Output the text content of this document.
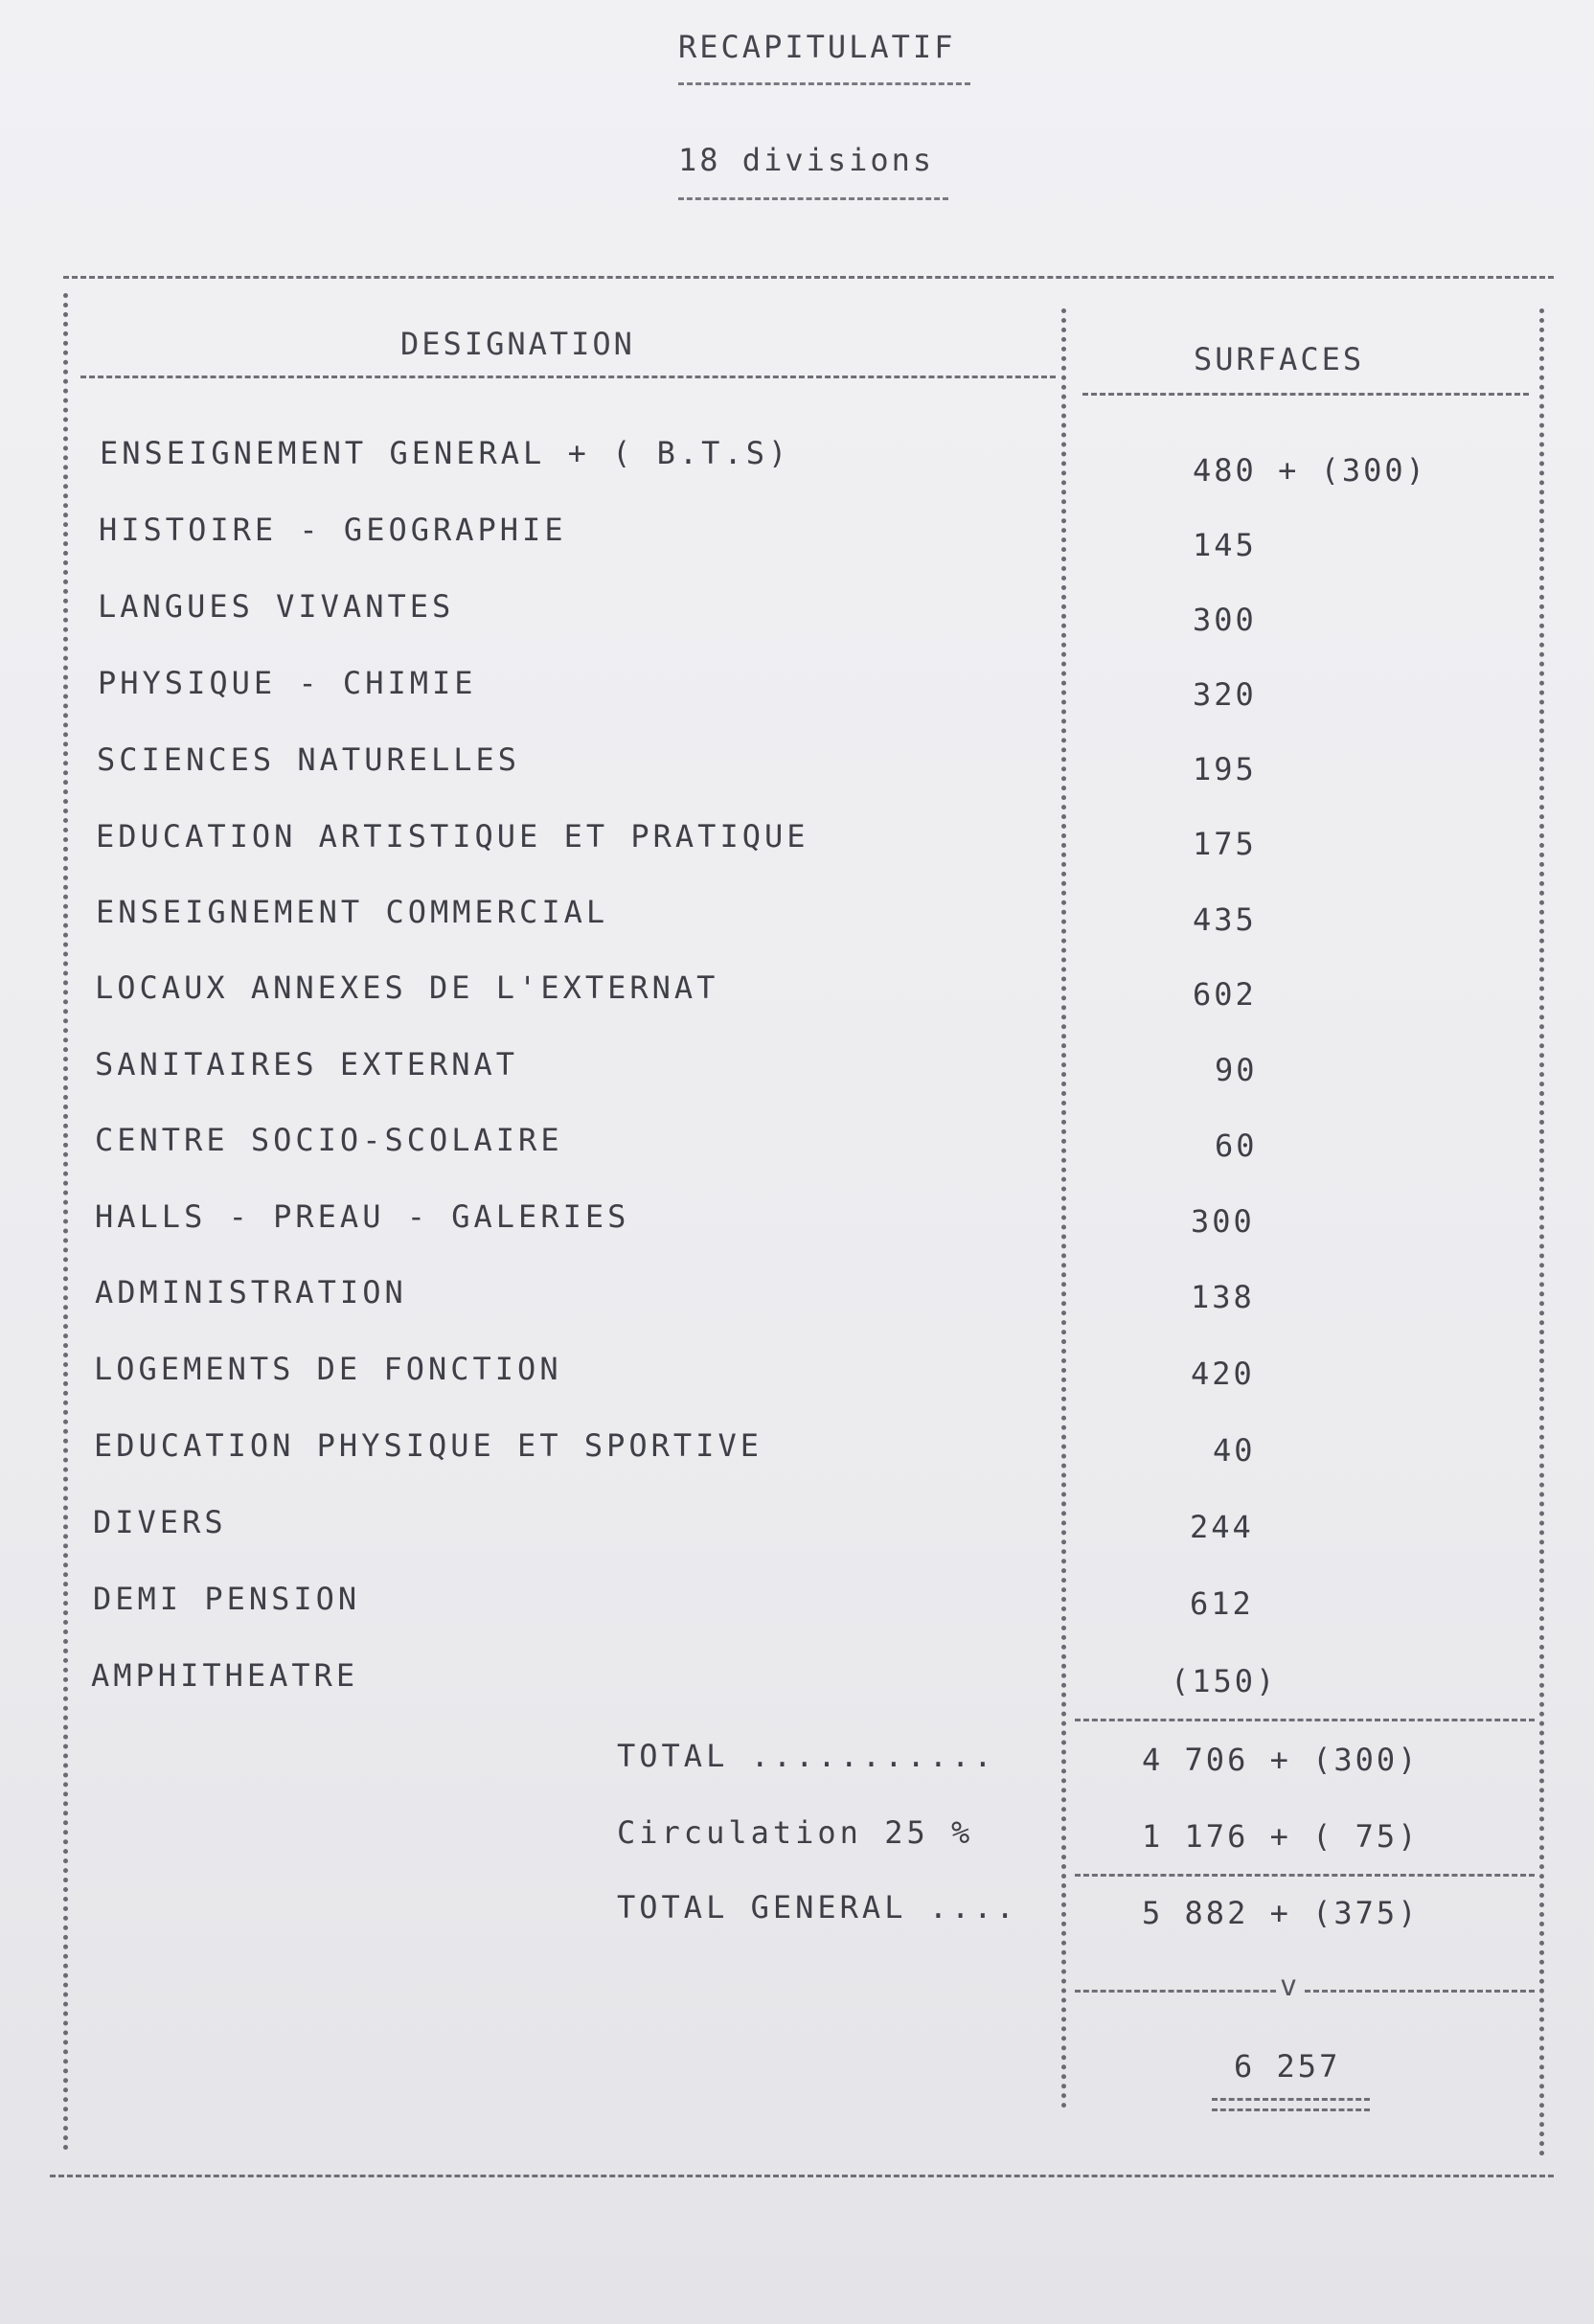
RECAPITULATIF
18 divisions
DESIGNATION	SURFACES
ENSEIGNEMENT GENERAL + ( B.T.S)	480 + (300)
HISTOIRE - GEOGRAPHIE	145
LANGUES VIVANTES	300
PHYSIQUE - CHIMIE	320
SCIENCES NATURELLES	195
EDUCATION ARTISTIQUE ET PRATIQUE	175
ENSEIGNEMENT COMMERCIAL	435
LOCAUX ANNEXES DE L'EXTERNAT	602
SANITAIRES EXTERNAT	90
CENTRE SOCIO-SCOLAIRE	60
HALLS - PREAU - GALERIES	300
ADMINISTRATION	138
LOGEMENTS DE FONCTION	420
EDUCATION PHYSIQUE ET SPORTIVE	40
DIVERS	244
DEMI PENSION	612
AMPHITHEATRE	(150)
TOTAL ...........	4 706 + (300)
Circulation 25 %	1 176 + ( 75)
TOTAL GENERAL ....	5 882 + (375)
v
6 257
